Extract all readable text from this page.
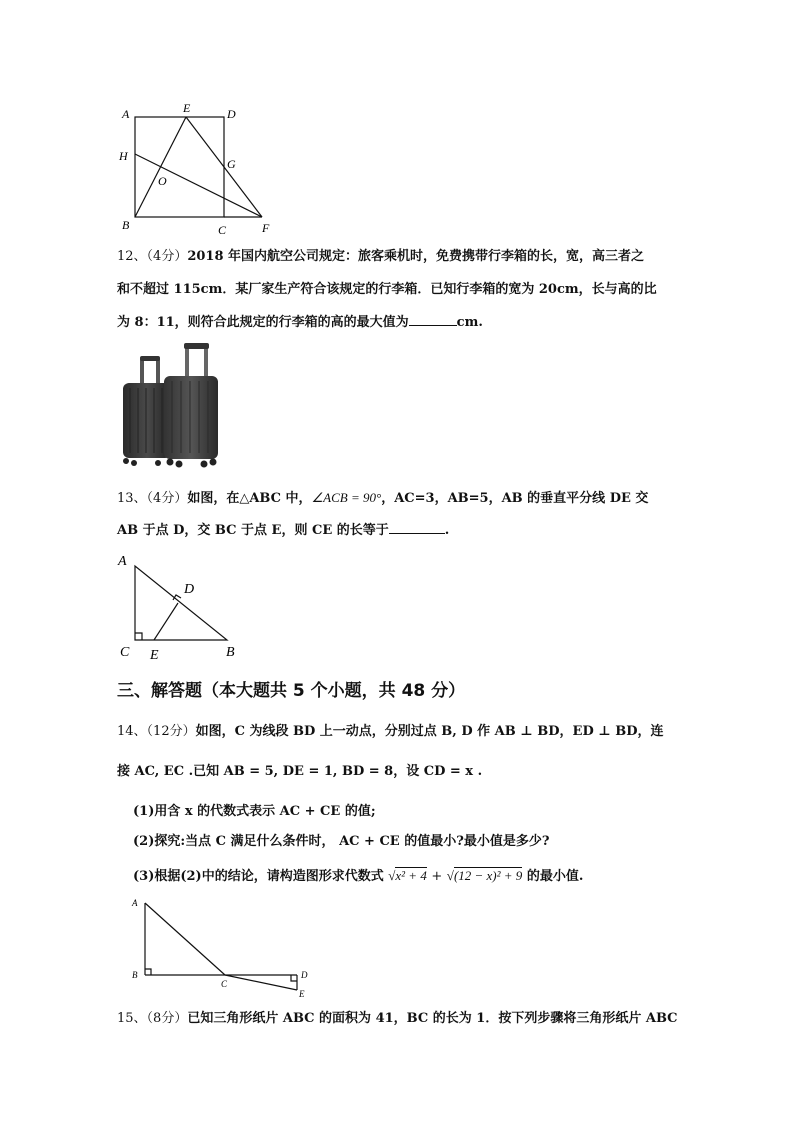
A	E	D
H
G
O
B	C	F
12、（4分）2018 年国内航空公司规定：旅客乘机时，免费携带行李箱的长，宽，高三者之
和不超过 115cm．某厂家生产符合该规定的行李箱．已知行李箱的宽为 20cm，长与高的比
为 8：11，则符合此规定的行李箱的高的最大值为	cm.
13、（4分）如图，在△ABC 中，∠ACB = 90°，AC=3，AB=5，AB 的垂直平分线 DE 交
AB 于点 D，交 BC 于点 E，则 CE 的长等于	.
A
D
C E	B
三、解答题（本大题共 5 个小题，共 48 分）
14、（12分）如图，C 为线段 BD 上一动点，分别过点 B, D 作 AB ⊥ BD，ED ⊥ BD，连
接 AC, EC .已知 AB = 5, DE = 1, BD = 8，设 CD = x .
(1)用含 x 的代数式表示 AC + CE 的值;
(2)探究:当点 C 满足什么条件时， AC + CE 的值最小?最小值是多少?
(3)根据(2)中的结论，请构造图形求代数式 √x² + 4 + √(12 − x)² + 9 的最小值.
A
B
C
D
E
15、（8分）已知三角形纸片 ABC 的面积为 41，BC 的长为 1．按下列步骤将三角形纸片 ABC
